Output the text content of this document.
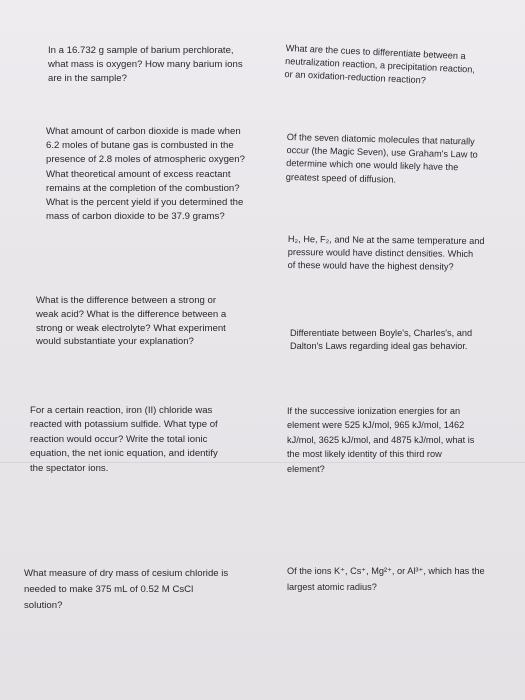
In a 16.732 g sample of barium perchlorate,
what mass is oxygen? How many barium ions
are in the sample?

What are the cues to differentiate between a
neutralization reaction, a precipitation reaction,
or an oxidation-reduction reaction?

What amount of carbon dioxide is made when
6.2 moles of butane gas is combusted in the
presence of 2.8 moles of atmospheric oxygen?
What theoretical amount of excess reactant
remains at the completion of the combustion?
What is the percent yield if you determined the
mass of carbon dioxide to be 37.9 grams?

Of the seven diatomic molecules that naturally
occur (the Magic Seven), use Graham's Law to
determine which one would likely have the
greatest speed of diffusion.

H₂, He, F₂, and Ne at the same temperature and
pressure would have distinct densities. Which
of these would have the highest density?

What is the difference between a strong or
weak acid? What is the difference between a
strong or weak electrolyte? What experiment
would substantiate your explanation?

Differentiate between Boyle's, Charles's, and
Dalton's Laws regarding ideal gas behavior.

For a certain reaction, iron (II) chloride was
reacted with potassium sulfide. What type of
reaction would occur? Write the total ionic
equation, the net ionic equation, and identify
the spectator ions.

If the successive ionization energies for an
element were 525 kJ/mol, 965 kJ/mol, 1462
kJ/mol, 3625 kJ/mol, and 4875 kJ/mol, what is
the most likely identity of this third row
element?

What measure of dry mass of cesium chloride is
needed to make 375 mL of 0.52 M CsCl
solution?

Of the ions K⁺, Cs⁺, Mg²⁺, or Al³⁺, which has the
largest atomic radius?
